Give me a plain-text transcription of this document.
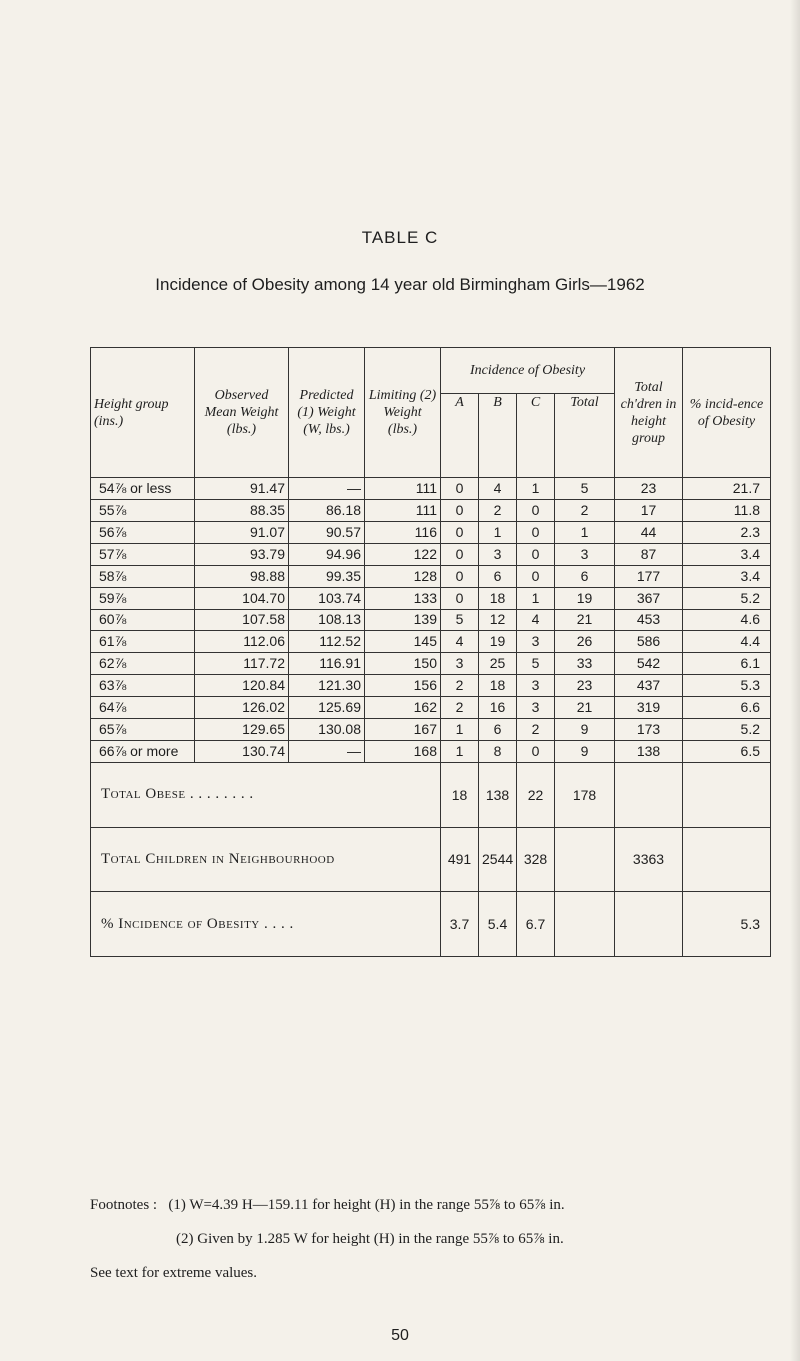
TABLE C
Incidence of Obesity among 14 year old Birmingham Girls—1962
Height group (ins.)	Observed Mean Weight (lbs.)	Predicted (1) Weight (W, lbs.)	Limiting (2) Weight (lbs.)	Incidence of Obesity				Total ch'dren in height group	% incid-ence of Obesity
				A	B	C	Total		
54⅞ or less	91.47	—	111	0	4	1	5	23	21.7
55⅞	88.35	86.18	111	0	2	0	2	17	11.8
56⅞	91.07	90.57	116	0	1	0	1	44	2.3
57⅞	93.79	94.96	122	0	3	0	3	87	3.4
58⅞	98.88	99.35	128	0	6	0	6	177	3.4
59⅞	104.70	103.74	133	0	18	1	19	367	5.2
60⅞	107.58	108.13	139	5	12	4	21	453	4.6
61⅞	112.06	112.52	145	4	19	3	26	586	4.4
62⅞	117.72	116.91	150	3	25	5	33	542	6.1
63⅞	120.84	121.30	156	2	18	3	23	437	5.3
64⅞	126.02	125.69	162	2	16	3	21	319	6.6
65⅞	129.65	130.08	167	1	6	2	9	173	5.2
66⅞ or more	130.74	—	168	1	8	0	9	138	6.5
Total Obese . . . . . . . .				18	138	22	178		
Total Children in Neighbourhood				491	2544	328		3363	
% Incidence of Obesity . . . .				3.7	5.4	6.7			5.3
Footnotes : (1) W=4.39 H—159.11 for height (H) in the range 55⅞ to 65⅞ in.
(2) Given by 1.285 W for height (H) in the range 55⅞ to 65⅞ in.
See text for extreme values.
50
